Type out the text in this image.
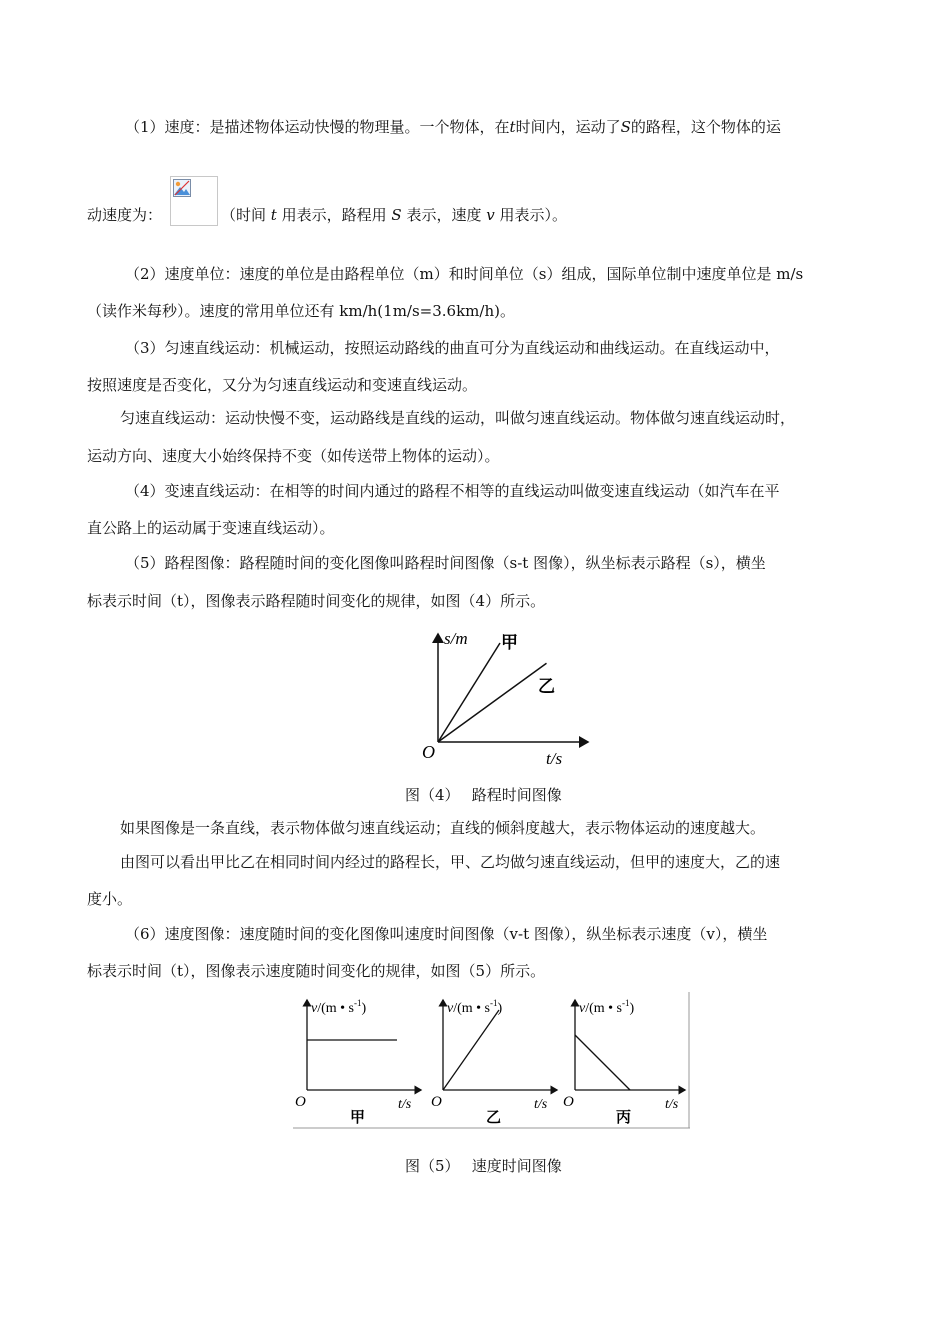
（1）速度：是描述物体运动快慢的物理量。一个物体，在t时间内，运动了S的路程，这个物体的运
动速度为：	（时间 t 用表示，路程用 S 表示，速度 v 用表示）。
（2）速度单位：速度的单位是由路程单位（m）和时间单位（s）组成，国际单位制中速度单位是 m/s
（读作米每秒）。速度的常用单位还有 km/h(1m/s=3.6km/h)。
（3）匀速直线运动：机械运动，按照运动路线的曲直可分为直线运动和曲线运动。在直线运动中，
按照速度是否变化，又分为匀速直线运动和变速直线运动。
匀速直线运动：运动快慢不变，运动路线是直线的运动，叫做匀速直线运动。物体做匀速直线运动时，
运动方向、速度大小始终保持不变（如传送带上物体的运动）。
（4）变速直线运动：在相等的时间内通过的路程不相等的直线运动叫做变速直线运动（如汽车在平
直公路上的运动属于变速直线运动）。
（5）路程图像：路程随时间的变化图像叫路程时间图像（s-t 图像），纵坐标表示路程（s），横坐
标表示时间（t），图像表示路程随时间变化的规律，如图（4）所示。
s/m 甲
乙
O	t/s
图（4）　 路程时间图像
如果图像是一条直线，表示物体做匀速直线运动；直线的倾斜度越大，表示物体运动的速度越大。
由图可以看出甲比乙在相同时间内经过的路程长，甲、乙均做匀速直线运动，但甲的速度大，乙的速
度小。
（6）速度图像：速度随时间的变化图像叫速度时间图像（v-t 图像），纵坐标表示速度（v），横坐
标表示时间（t），图像表示速度随时间变化的规律，如图（5）所示。
v/(m • $s^{-1}$)
O	t/s
甲
v/(m • $s^{-1}$)
O	t/s
乙
v/(m • $s^{-1}$)
O	t/s
丙
图（5）　 速度时间图像
